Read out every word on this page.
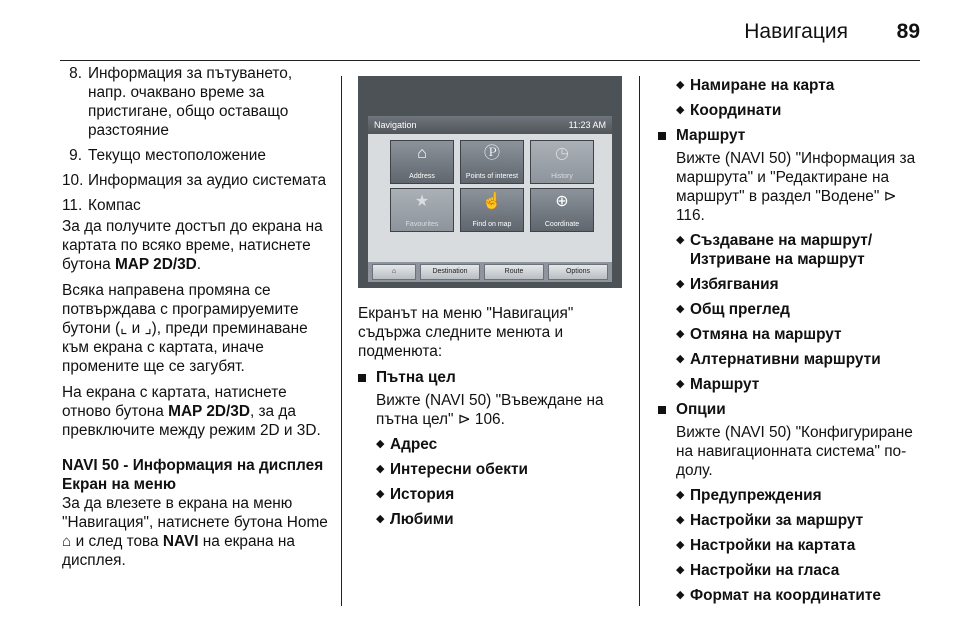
Навигация 89
8. Информация за пътуването, напр. очаквано време за пристигане, общо оставащо разстояние
9. Текущо местоположение
10. Информация за аудио системата
11. Компас

За да получите достъп до екрана на картата по всяко време, натиснете бутона MAP 2D/3D.

Всяка направена промяна се потвърждава с програмируемите бутони (⌞ и ⌟), преди преминаване към екрана с картата, иначе промените ще се загубят.

На екрана с картата, натиснете отново бутона MAP 2D/3D, за да превключите между режим 2D и 3D.

NAVI 50 - Информация на дисплея
Екран на меню

За да влезете в екрана на меню "Навигация", натиснете бутона Home ⌂ и след това NAVI на екрана на дисплея.

Navigation	11:23 AM
⌂
Address
Ⓟ
Points of interest
◷
History
★
Favourites
☝
Find on map
⊕
Coordinate
⌂	Destination	Route	Options

Екранът на меню "Навигация" съдържа следните менюта и подменюта:

Пътна цел
Вижте (NAVI 50) "Въвеждане на пътна цел" ⊳ 106.
◆ Адрес
◆ Интересни обекти
◆ История
◆ Любими
◆ Намиране на карта
◆ Координати
Маршрут
Вижте (NAVI 50) "Информация за маршрута" и "Редактиране на маршрут" в раздел "Водене" ⊳ 116.
◆ Създаване на маршрут/ Изтриване на маршрут
◆ Избягвания
◆ Общ преглед
◆ Отмяна на маршрут
◆ Алтернативни маршрути
◆ Маршрут
Опции
Вижте (NAVI 50) "Конфигуриране на навигационната система" по-долу.
◆ Предупреждения
◆ Настройки за маршрут
◆ Настройки на картата
◆ Настройки на гласа
◆ Формат на координатите
